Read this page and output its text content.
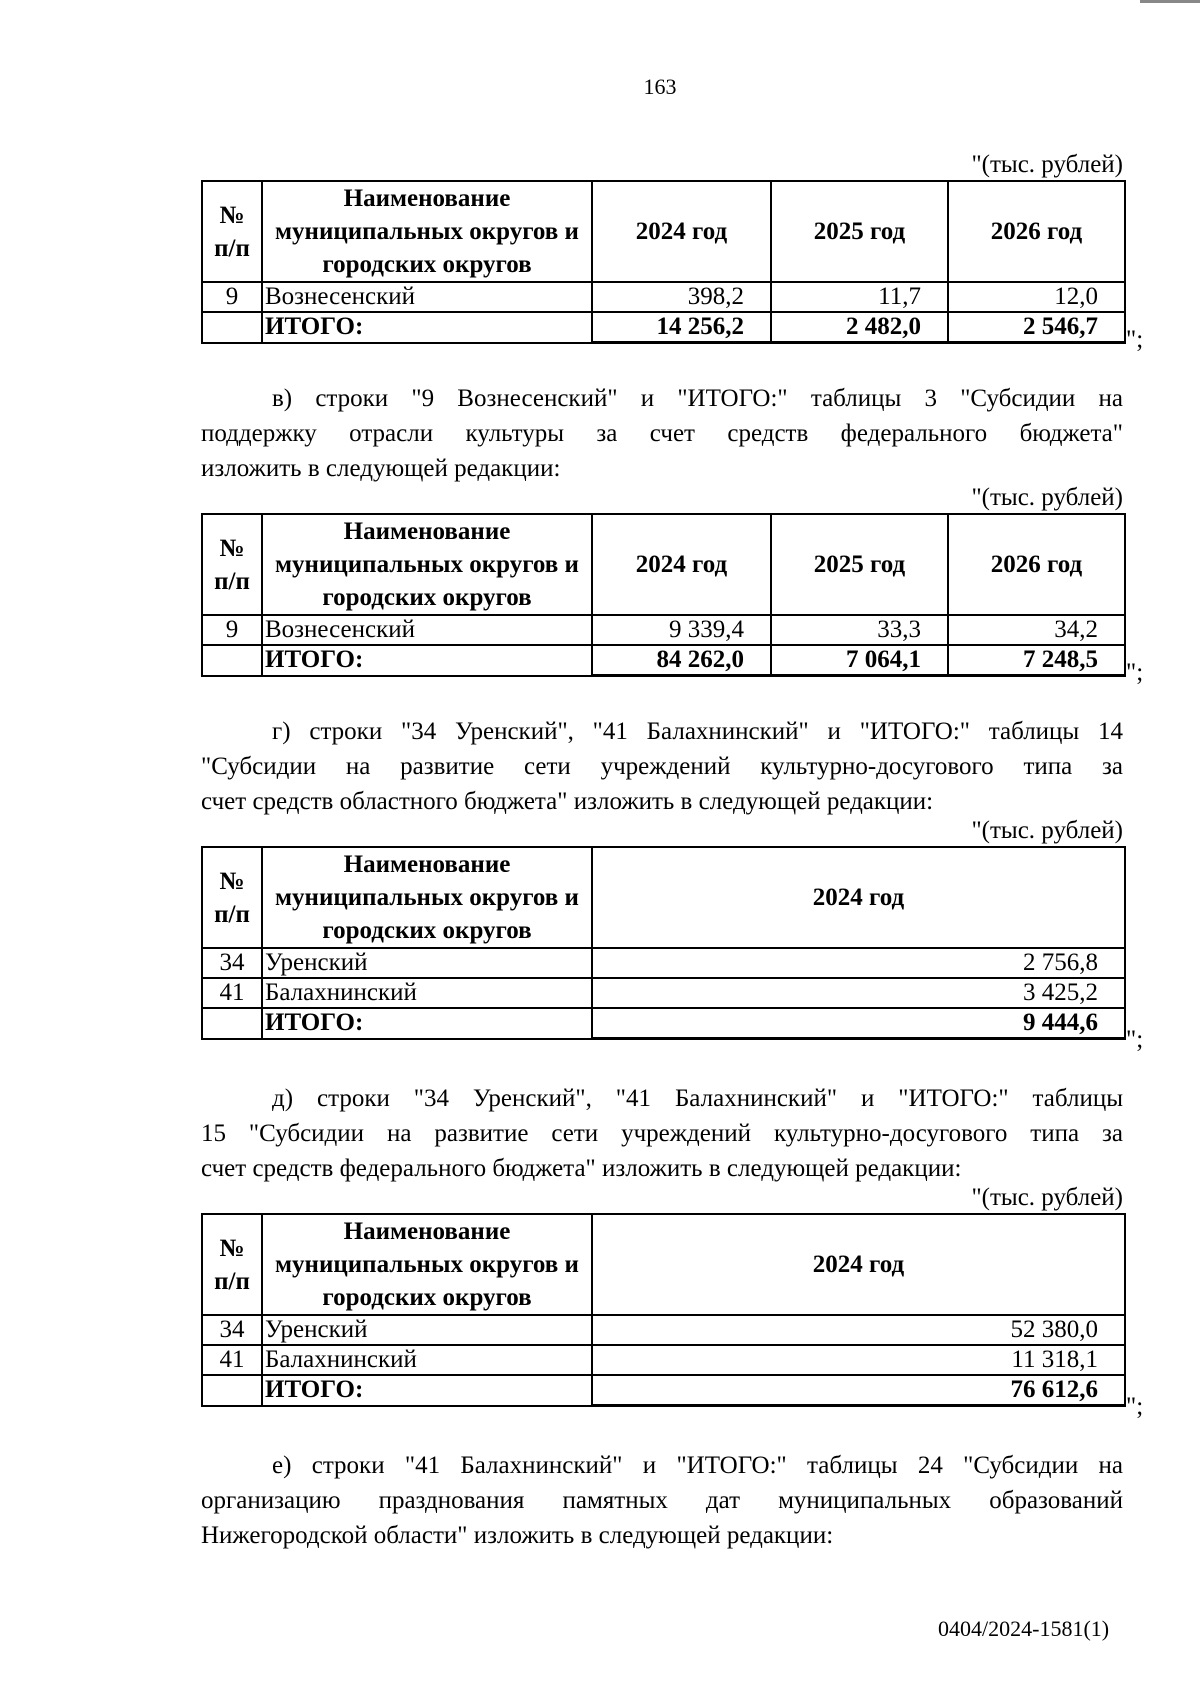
163
"(тыс. рублей)
№ п/п	Наименование муниципальных округов и городских округов	2024 год	2025 год	2026 год
9	Вознесенский	398,2	11,7	12,0
	ИТОГО:	14 256,2	2 482,0	2 546,7 ";
в) строки "9 Вознесенский" и "ИТОГО:" таблицы 3 "Субсидии на
поддержку отрасли культуры за счет средств федерального бюджета"
изложить в следующей редакции:
"(тыс. рублей)
№ п/п	Наименование муниципальных округов и городских округов	2024 год	2025 год	2026 год
9	Вознесенский	9 339,4	33,3	34,2
	ИТОГО:	84 262,0	7 064,1	7 248,5 ";
г) строки "34 Уренский", "41 Балахнинский" и "ИТОГО:" таблицы 14
"Субсидии на развитие сети учреждений культурно-досугового типа за
счет средств областного бюджета" изложить в следующей редакции:
"(тыс. рублей)
№ п/п	Наименование муниципальных округов и городских округов	2024 год
34	Уренский	2 756,8
41	Балахнинский	3 425,2
	ИТОГО:	9 444,6
";
д) строки "34 Уренский", "41 Балахнинский" и "ИТОГО:" таблицы
15 "Субсидии на развитие сети учреждений культурно-досугового типа за
счет средств федерального бюджета" изложить в следующей редакции:
"(тыс. рублей)
№ п/п	Наименование муниципальных округов и городских округов	2024 год
34	Уренский	52 380,0
41	Балахнинский	11 318,1
	ИТОГО:	76 612,6
";
е) строки "41 Балахнинский" и "ИТОГО:" таблицы 24 "Субсидии на
организацию празднования памятных дат муниципальных образований
Нижегородской области" изложить в следующей редакции:
0404/2024-1581(1)
